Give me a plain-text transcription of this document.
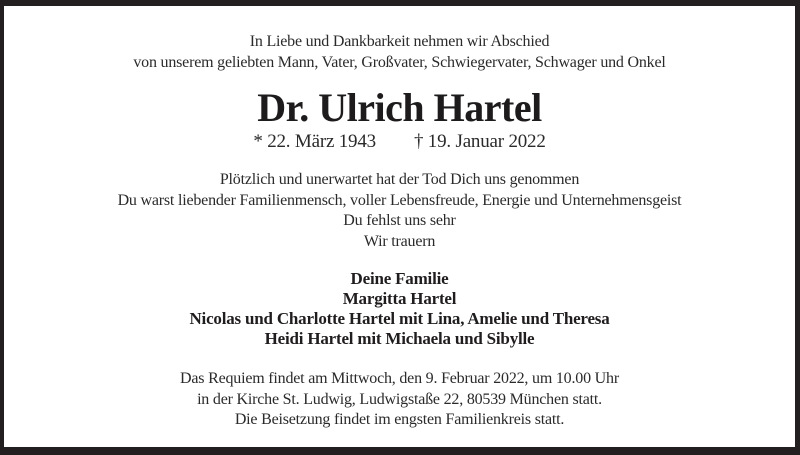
In Liebe und Dankbarkeit nehmen wir Abschied
von unserem geliebten Mann, Vater, Großvater, Schwiegervater, Schwager und Onkel
Dr. Ulrich Hartel
* 22. März 1943 † 19. Januar 2022
Plötzlich und unerwartet hat der Tod Dich uns genommen
Du warst liebender Familienmensch, voller Lebensfreude, Energie und Unternehmensgeist
Du fehlst uns sehr
Wir trauern
Deine Familie
Margitta Hartel
Nicolas und Charlotte Hartel mit Lina, Amelie und Theresa
Heidi Hartel mit Michaela und Sibylle
Das Requiem findet am Mittwoch, den 9. Februar 2022, um 10.00 Uhr
in der Kirche St. Ludwig, Ludwigstaße 22, 80539 München statt.
Die Beisetzung findet im engsten Familienkreis statt.
